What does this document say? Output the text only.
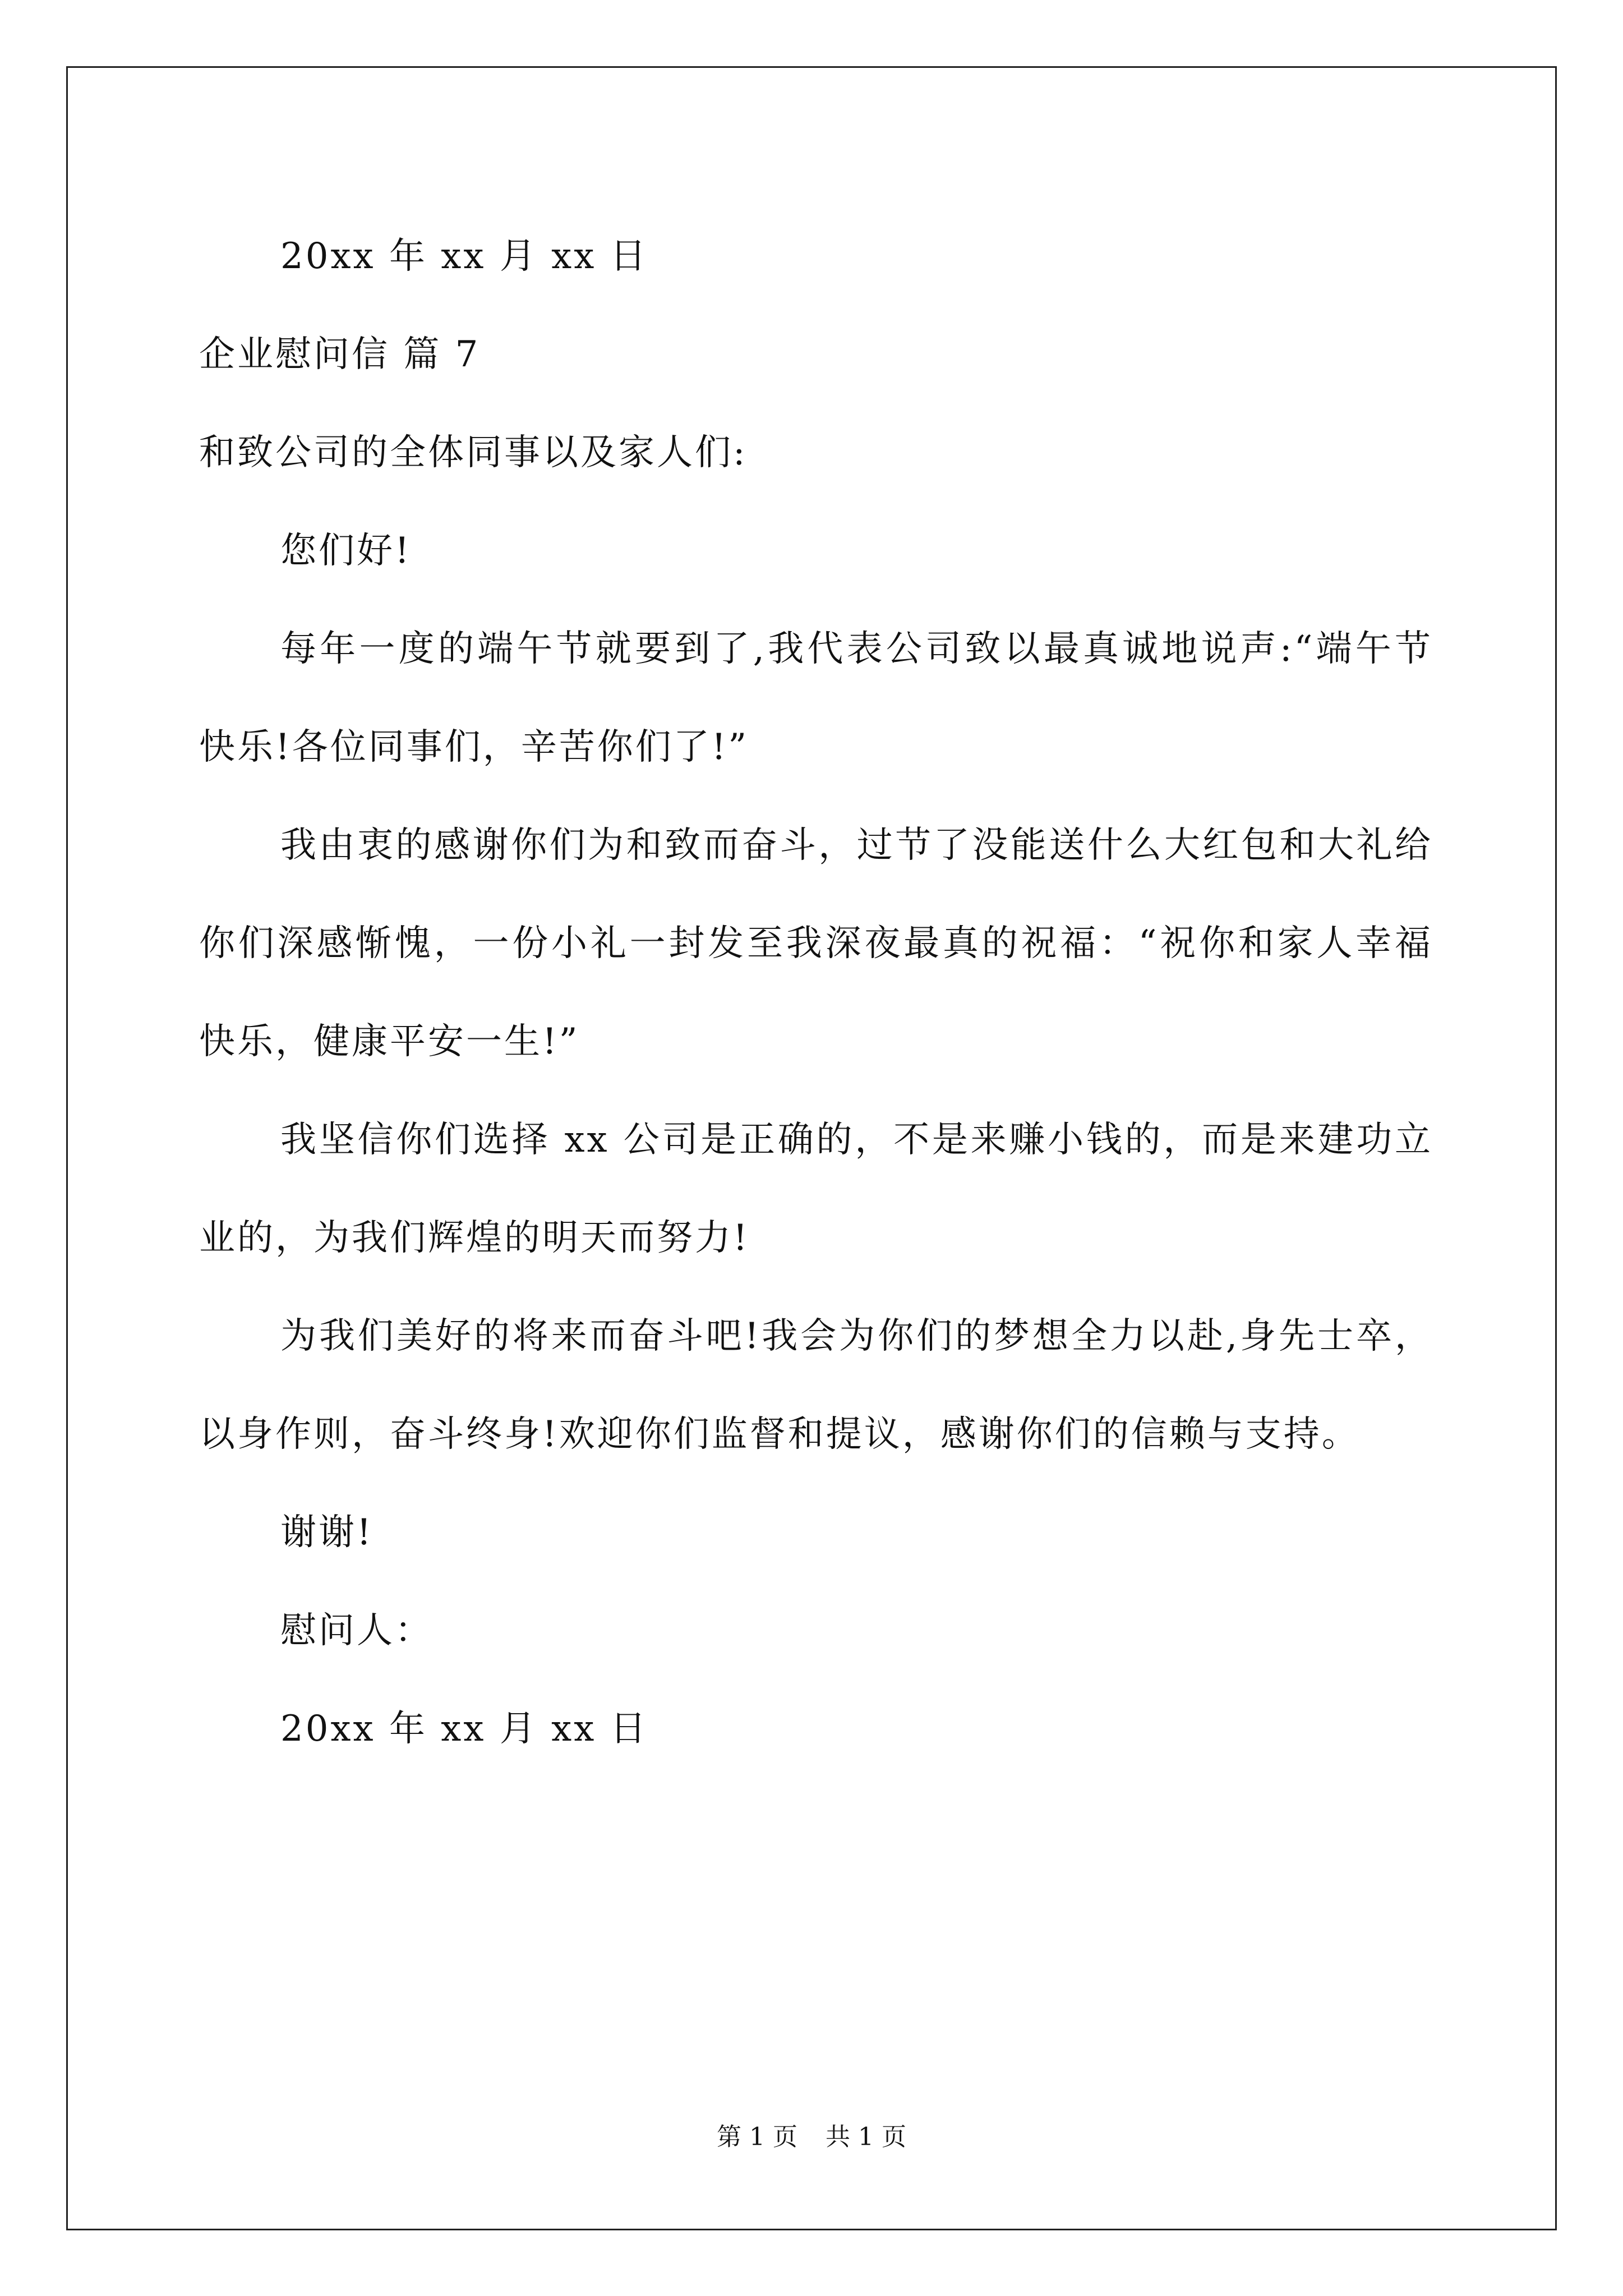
20xx 年 xx 月 xx 日

企业慰问信 篇 7

和致公司的全体同事以及家人们:

您们好!

每年一度的端午节就要到了,我代表公司致以最真诚地说声:“端午节快乐!各位同事们，辛苦你们了!”

我由衷的感谢你们为和致而奋斗，过节了没能送什么大红包和大礼给你们深感惭愧，一份小礼一封发至我深夜最真的祝福：“祝你和家人幸福快乐，健康平安一生!”

我坚信你们选择 xx 公司是正确的，不是来赚小钱的，而是来建功立业的，为我们辉煌的明天而努力!

为我们美好的将来而奋斗吧!我会为你们的梦想全力以赴,身先士卒，以身作则，奋斗终身!欢迎你们监督和提议，感谢你们的信赖与支持。

谢谢!

慰问人：

20xx 年 xx 月 xx 日

第 1 页 共 1 页
